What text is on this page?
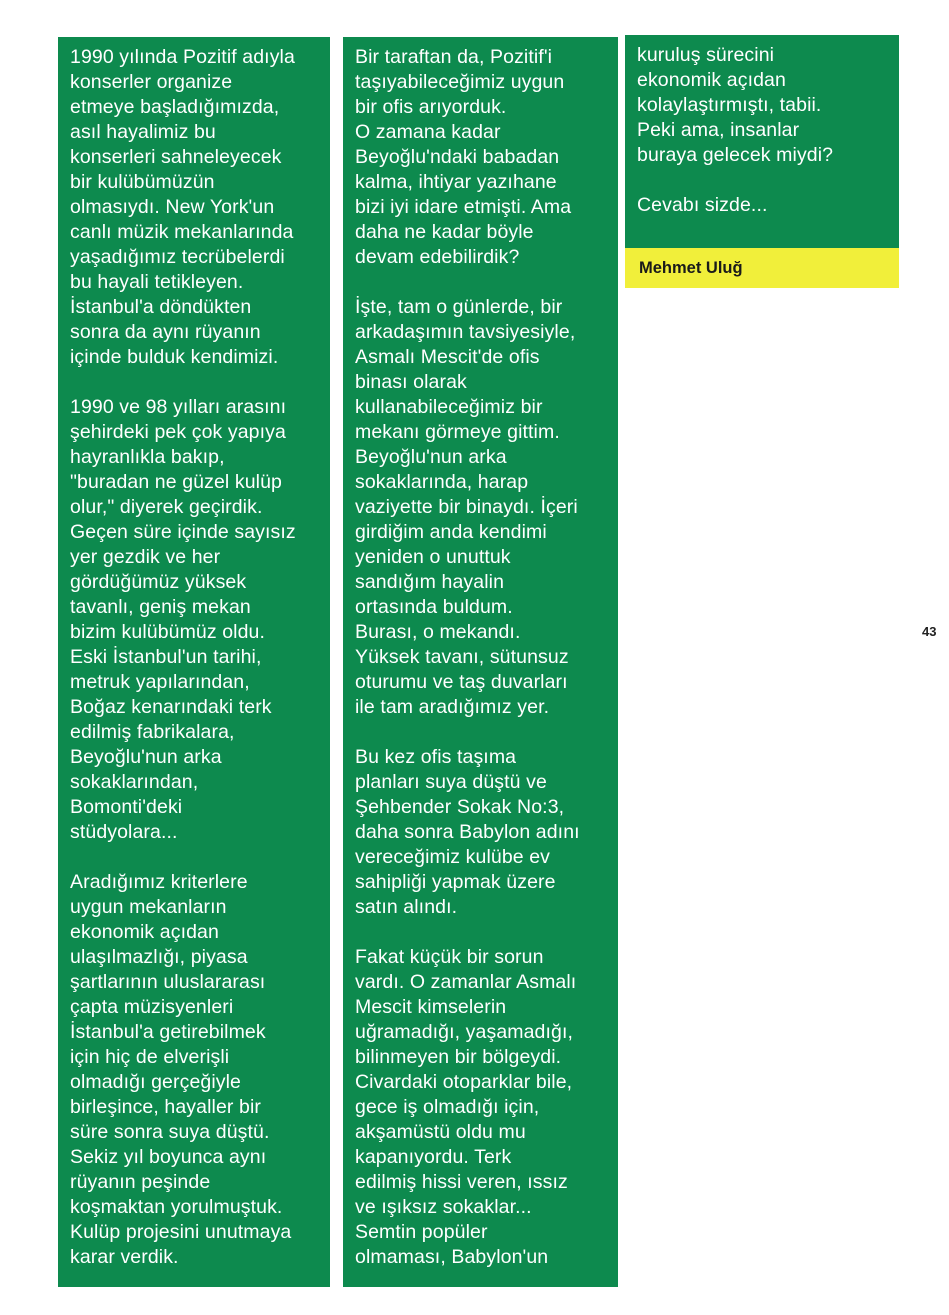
1990 yılında Pozitif adıyla
konserler organize
etmeye başladığımızda,
asıl hayalimiz bu
konserleri sahneleyecek
bir kulübümüzün
olmasıydı. New York'un
canlı müzik mekanlarında
yaşadığımız tecrübelerdi
bu hayali tetikleyen.
İstanbul'a döndükten
sonra da aynı rüyanın
içinde bulduk kendimizi.

1990 ve 98 yılları arasını
şehirdeki pek çok yapıya
hayranlıkla bakıp,
"buradan ne güzel kulüp
olur," diyerek geçirdik.
Geçen süre içinde sayısız
yer gezdik ve her
gördüğümüz yüksek
tavanlı, geniş mekan
bizim kulübümüz oldu.
Eski İstanbul'un tarihi,
metruk yapılarından,
Boğaz kenarındaki terk
edilmiş fabrikalara,
Beyoğlu'nun arka
sokaklarından,
Bomonti'deki
stüdyolara...

Aradığımız kriterlere
uygun mekanların
ekonomik açıdan
ulaşılmazlığı, piyasa
şartlarının uluslararası
çapta müzisyenleri
İstanbul'a getirebilmek
için hiç de elverişli
olmadığı gerçeğiyle
birleşince, hayaller bir
süre sonra suya düştü.
Sekiz yıl boyunca aynı
rüyanın peşinde
koşmaktan yorulmuştuk.
Kulüp projesini unutmaya
karar verdik.

Bir taraftan da, Pozitif'i
taşıyabileceğimiz uygun
bir ofis arıyorduk.
O zamana kadar
Beyoğlu'ndaki babadan
kalma, ihtiyar yazıhane
bizi iyi idare etmişti. Ama
daha ne kadar böyle
devam edebilirdik?

İşte, tam o günlerde, bir
arkadaşımın tavsiyesiyle,
Asmalı Mescit'de ofis
binası olarak
kullanabileceğimiz bir
mekanı görmeye gittim.
Beyoğlu'nun arka
sokaklarında, harap
vaziyette bir binaydı. İçeri
girdiğim anda kendimi
yeniden o unuttuk
sandığım hayalin
ortasında buldum.
Burası, o mekandı.
Yüksek tavanı, sütunsuz
oturumu ve taş duvarları
ile tam aradığımız yer.

Bu kez ofis taşıma
planları suya düştü ve
Şehbender Sokak No:3,
daha sonra Babylon adını
vereceğimiz kulübe ev
sahipliği yapmak üzere
satın alındı.

Fakat küçük bir sorun
vardı. O zamanlar Asmalı
Mescit kimselerin
uğramadığı, yaşamadığı,
bilinmeyen bir bölgeydi.
Civardaki otoparklar bile,
gece iş olmadığı için,
akşamüstü oldu mu
kapanıyordu. Terk
edilmiş hissi veren, ıssız
ve ışıksız sokaklar...
Semtin popüler
olmaması, Babylon'un

kuruluş sürecini
ekonomik açıdan
kolaylaştırmıştı, tabii.
Peki ama, insanlar
buraya gelecek miydi?

Cevabı sizde...

Mehmet Uluğ
43
